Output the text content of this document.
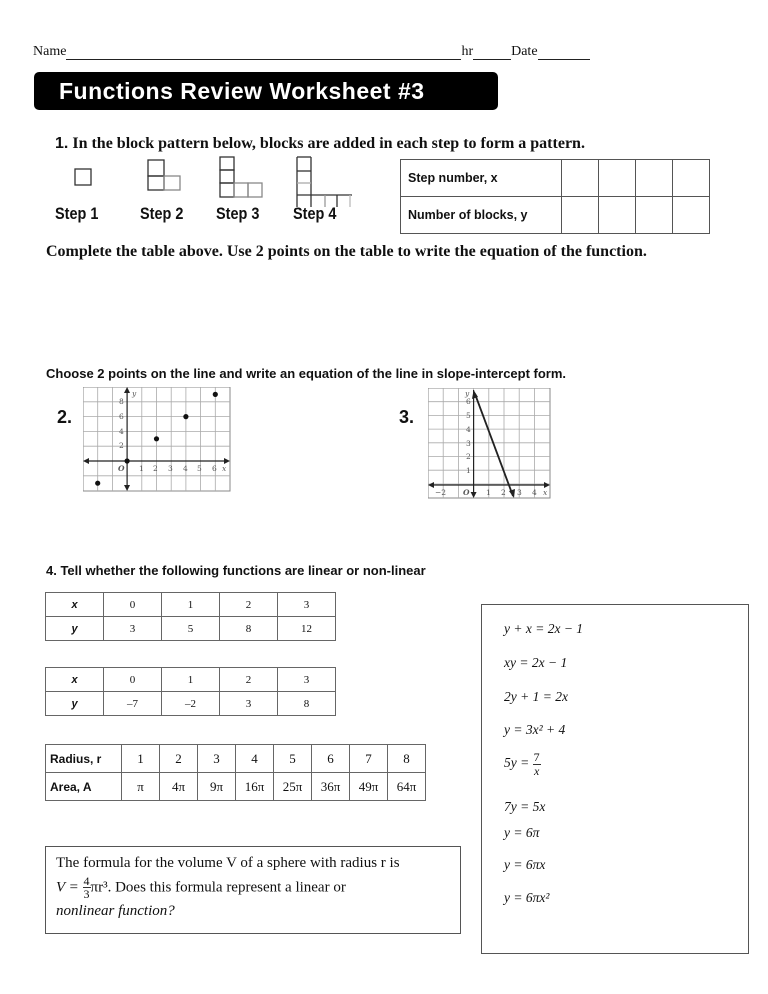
Name	hr	Date
Functions Review Worksheet #3
1. In the block pattern below, blocks are added in each step to form a pattern.
Step 1 Step 2 Step 3 Step 4
Step number, x				
Number of blocks, y				
Complete the table above. Use 2 points on the table to write the equation of the function.
Choose 2 points on the line and write an equation of the line in slope-intercept form.
2.	3.
y
8
6
4
2
O 1 2 3 4 5 6 x
y
6
5
4
3
2
1
−2 O 1 2 3 4 x
4. Tell whether the following functions are linear or non-linear
x	0	1	2	3
y	3	5	8	12
x	0	1	2	3
y	–7	–2	3	8
Radius, r	1	2	3	4	5	6	7	8
Area, A	π	4π	9π	16π	25π	36π	49π	64π
y + x = 2x − 1
xy = 2x − 1
2y + 1 = 2x
y = 3x² + 4
$5y = \frac{7}{x}$
7y = 5x
y = 6π
y = 6πx
y = 6πx²
The formula for the volume V of a sphere with radius r is
$V = \frac{4}{3} \pi r^3$. Does this formula represent a linear or
nonlinear function?
